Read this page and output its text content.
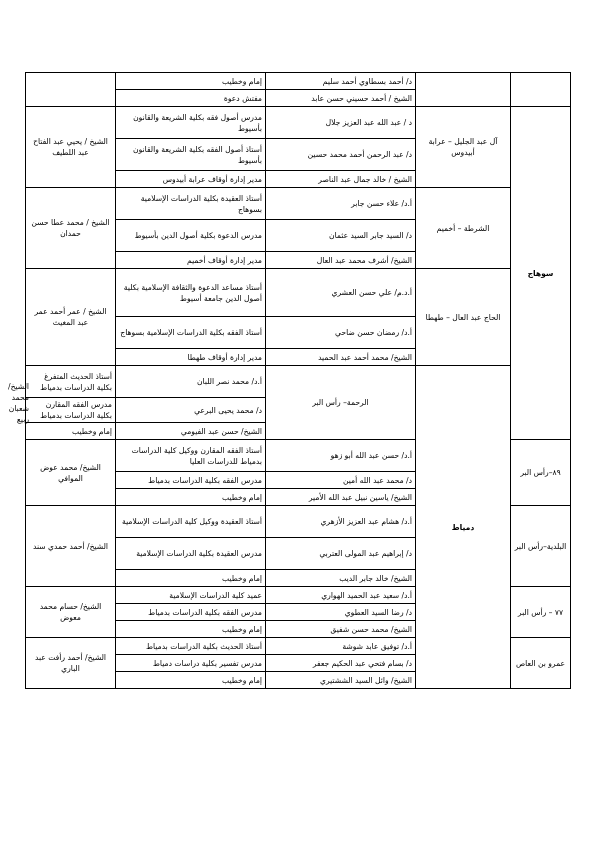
		د/ أحمد بسطاوي أحمد سليم	إمام وخطيب		
		الشيخ / أحمد حسيني حسن عابد	مفتش دعوة		
سوهاج	آل عبد الجليل – عرابة أبيدوس	د / عبد الله عبد العزيز جلال	مدرس أصول فقه بكلية الشريعة والقانون بأسيوط	الشيخ / يحيي عبد الفتاح عبد اللطيف	
		د/ عبد الرحمن أحمد محمد حسين	أستاذ أصول الفقه بكلية الشريعة والقانون بأسيوط		
		الشيخ / خالد جمال عبد الناصر	مدير إدارة أوقاف عرابة أبيدوس		
	الشرطة – أخميم	أ.د/ علاء حسن جابر	أستاذ العقيدة بكلية الدراسات الإسلامية بسوهاج	الشيخ / محمد عطا حسن حمدان	
		د/ السيد جابر السيد عثمان	مدرس الدعوة بكلية أصول الدين بأسيوط		
		الشيخ/ أشرف محمد عبد العال	مدير إدارة أوقاف أخميم		
	الحاج عبد العال – طهطا	أ.د.م/ علي حسن العشري	أستاذ مساعد الدعوة والثقافة الإسلامية بكلية أصول الدين جامعة أسيوط	الشيخ / عمر أحمد عمر عبد المغيث	
		أ.د/ رمضان حسن ضاحي	أستاذ الفقه بكلية الدراسات الإسلامية بسوهاج		
		الشيخ/ محمد أحمد عبد الحميد	مدير إدارة أوقاف طهطا		
	دمياط	الرحمة– رأس البر	أ.د/ محمد نصر اللبان	أستاذ الحديث المتفرغ بكلية الدراسات بدمياط	الشيخ/ محمد شعبان ربيع
			د/ محمد يحيى البرعي	مدرس الفقه المقارن بكلية الدراسات بدمياط	
			الشيخ/ حسن عبد الفيومي	إمام وخطيب	
٨٩–رأس البر		أ.د/ حسن عبد الله أبو زهو	أستاذ الفقه المقارن ووكيل كلية الدراسات بدمياط للدراسات العليا	الشيخ/ محمد عوض الموافي	
		د/ محمد عبد الله أمين	مدرس الفقه بكلية الدراسات بدمياط		
		الشيخ/ ياسين نبيل عبد الله الأمير	إمام وخطيب		
البلدية–رأس البر		أ.د/ هشام عبد العزيز الأزهري	أستاذ العقيدة ووكيل كلية الدراسات الإسلامية	الشيخ/ أحمد حمدي سند	
		د/ إبراهيم عبد المولى العتربي	مدرس العقيدة بكلية الدراسات الإسلامية		
		الشيخ/ خالد جابر الديب	إمام وخطيب		
٧٧ – رأس البر		أ.د/ سعيد عبد الحميد الهواري	عميد كلية الدراسات الإسلامية	الشيخ/ حسام محمد معوض	
		د/ رضا السيد العطوي	مدرس الفقه بكلية الدراسات بدمياط		
		الشيخ/ محمد حسن شفيق	إمام وخطيب		
عمرو بن العاص		أ.د/ توفيق عابد شوشة	أستاذ الحديث بكلية الدراسات بدمياط	الشيخ/ أحمد رأفت عبد الباري	
		د/ بسام فتحي عبد الحكيم جعفر	مدرس تفسير بكلية دراسات دمياط		
		الشيخ/ وائل السيد الششتيري	إمام وخطيب		
